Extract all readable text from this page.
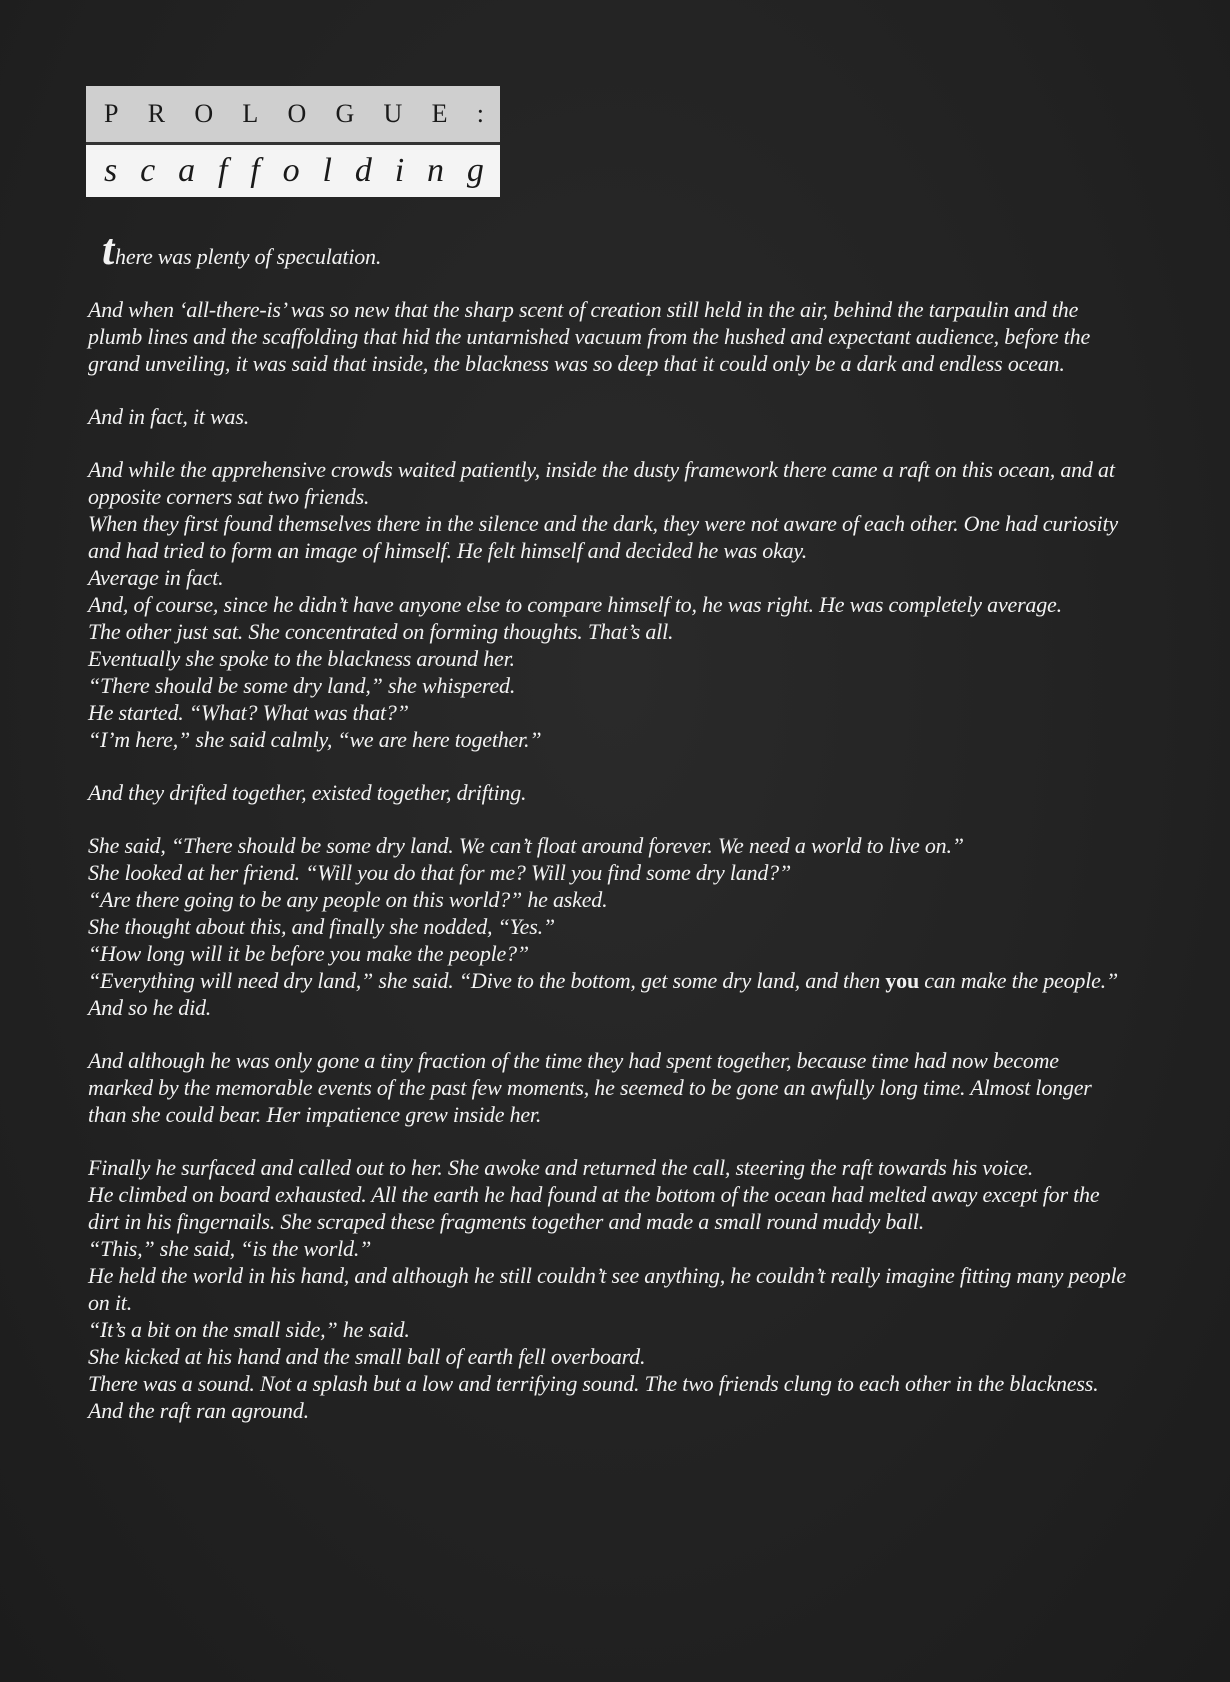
P R O L O G U E :
s c a f f o l d i n g

there was plenty of speculation.

And when ‘all-there-is’ was so new that the sharp scent of creation still held in the air, behind the tarpaulin and the plumb lines and the scaffolding that hid the untarnished vacuum from the hushed and expectant audience, before the grand unveiling, it was said that inside, the blackness was so deep that it could only be a dark and endless ocean.

And in fact, it was.

And while the apprehensive crowds waited patiently, inside the dusty framework there came a raft on this ocean, and at opposite corners sat two friends.

When they first found themselves there in the silence and the dark, they were not aware of each other. One had curiosity and had tried to form an image of himself. He felt himself and decided he was okay.

Average in fact.

And, of course, since he didn’t have anyone else to compare himself to, he was right. He was completely average.

The other just sat. She concentrated on forming thoughts. That’s all.

Eventually she spoke to the blackness around her.

“There should be some dry land,” she whispered.

He started. “What? What was that?”

“I’m here,” she said calmly, “we are here together.”

And they drifted together, existed together, drifting.

She said, “There should be some dry land. We can’t float around forever. We need a world to live on.”

She looked at her friend. “Will you do that for me? Will you find some dry land?”

“Are there going to be any people on this world?” he asked.

She thought about this, and finally she nodded, “Yes.”

“How long will it be before you make the people?”

“Everything will need dry land,” she said. “Dive to the bottom, get some dry land, and then you can make the people.”

And so he did.

And although he was only gone a tiny fraction of the time they had spent together, because time had now become marked by the memorable events of the past few moments, he seemed to be gone an awfully long time. Almost longer than she could bear. Her impatience grew inside her.

Finally he surfaced and called out to her. She awoke and returned the call, steering the raft towards his voice.

He climbed on board exhausted. All the earth he had found at the bottom of the ocean had melted away except for the dirt in his fingernails. She scraped these fragments together and made a small round muddy ball.

“This,” she said, “is the world.”

He held the world in his hand, and although he still couldn’t see anything, he couldn’t really imagine fitting many people on it.

“It’s a bit on the small side,” he said.

She kicked at his hand and the small ball of earth fell overboard.

There was a sound. Not a splash but a low and terrifying sound. The two friends clung to each other in the blackness.

And the raft ran aground.
